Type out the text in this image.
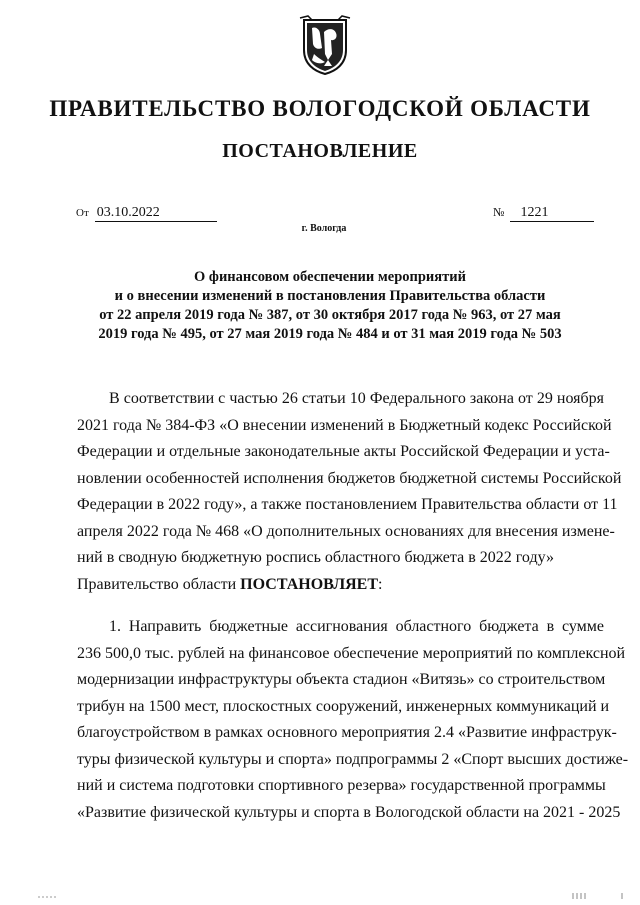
ПРАВИТЕЛЬСТВО ВОЛОГОДСКОЙ ОБЛАСТИ
ПОСТАНОВЛЕНИЕ
От 03.10.2022	№ 1221
г. Вологда
О финансовом обеспечении мероприятий
и о внесении изменений в постановления Правительства области
от 22 апреля 2019 года № 387, от 30 октября 2017 года № 963, от 27 мая
2019 года № 495, от 27 мая 2019 года № 484 и от 31 мая 2019 года № 503
В соответствии с частью 26 статьи 10 Федерального закона от 29 ноября
2021 года № 384-ФЗ «О внесении изменений в Бюджетный кодекс Российской
Федерации и отдельные законодательные акты Российской Федерации и уста-
новлении особенностей исполнения бюджетов бюджетной системы Российской
Федерации в 2022 году», а также постановлением Правительства области от 11
апреля 2022 года № 468 «О дополнительных основаниях для внесения измене-
ний в сводную бюджетную роспись областного бюджета в 2022 году»
Правительство области ПОСТАНОВЛЯЕТ:
1. Направить бюджетные ассигнования областного бюджета в сумме
236 500,0 тыс. рублей на финансовое обеспечение мероприятий по комплексной
модернизации инфраструктуры объекта стадион «Витязь» со строительством
трибун на 1500 мест, плоскостных сооружений, инженерных коммуникаций и
благоустройством в рамках основного мероприятия 2.4 «Развитие инфраструк-
туры физической культуры и спорта» подпрограммы 2 «Спорт высших достиже-
ний и система подготовки спортивного резерва» государственной программы
«Развитие физической культуры и спорта в Вологодской области на 2021 - 2025
